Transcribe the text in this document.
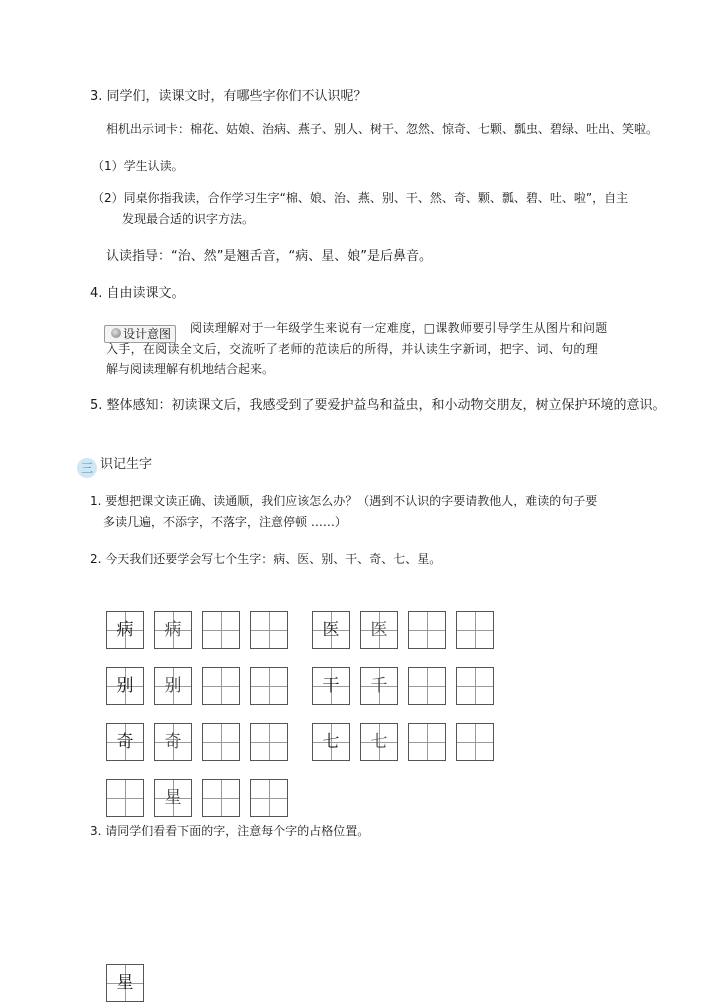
3. 同学们，读课文时，有哪些字你们不认识呢？
相机出示词卡：棉花、姑娘、治病、燕子、别人、树干、忽然、惊奇、七颗、瓢虫、碧绿、吐出、笑啦。
（1）学生认读。
（2）同桌你指我读，合作学习生字“棉、娘、治、燕、别、干、然、奇、颗、瓢、碧、吐、啦”，自主
发现最合适的识字方法。
认读指导：“治、然”是翘舌音，“病、星、娘”是后鼻音。
4. 自由读课文。
设计意图	阅读理解对于一年级学生来说有一定难度，□课教师要引导学生从图片和问题
入手，在阅读全文后，交流听了老师的范读后的所得，并认读生字新词，把字、词、句的理
解与阅读理解有机地结合起来。
5. 整体感知：初读课文后，我感受到了要爱护益鸟和益虫，和小动物交朋友，树立保护环境的意识。
三 识记生字
1. 要想把课文读正确、读通顺，我们应该怎么办？（遇到不认识的字要请教他人，难读的句子要
多读几遍，不添字，不落字，注意停顿 ……）
2. 今天我们还要学会写七个生字：病、医、别、干、奇、七、星。
病	病	医	医
别	别	干	千
奇	奇	七	七
星
3. 请同学们看看下面的字，注意每个字的占格位置。
星
